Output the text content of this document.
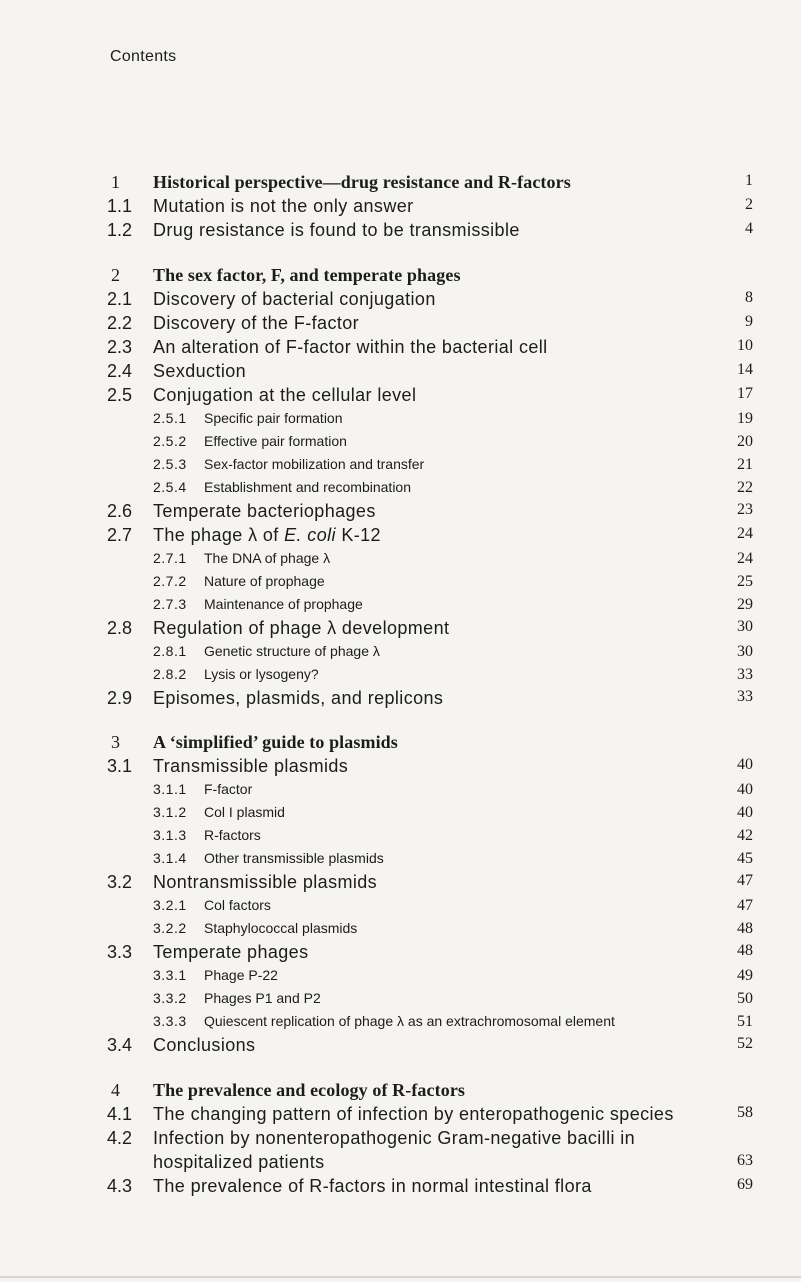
Contents
1 Historical perspective—drug resistance and R-factors	1
1.1 Mutation is not the only answer	2
1.2 Drug resistance is found to be transmissible	4
2 The sex factor, F, and temperate phages
2.1 Discovery of bacterial conjugation	8
2.2 Discovery of the F-factor	9
2.3 An alteration of F-factor within the bacterial cell	10
2.4 Sexduction	14
2.5 Conjugation at the cellular level	17
2.5.1 Specific pair formation	19
2.5.2 Effective pair formation	20
2.5.3 Sex-factor mobilization and transfer	21
2.5.4 Establishment and recombination	22
2.6 Temperate bacteriophages	23
2.7 The phage λ of E. coli K-12	24
2.7.1 The DNA of phage λ	24
2.7.2 Nature of prophage	25
2.7.3 Maintenance of prophage	29
2.8 Regulation of phage λ development	30
2.8.1 Genetic structure of phage λ	30
2.8.2 Lysis or lysogeny?	33
2.9 Episomes, plasmids, and replicons	33
3 A ‘simplified’ guide to plasmids
3.1 Transmissible plasmids	40
3.1.1 F-factor	40
3.1.2 Col I plasmid	40
3.1.3 R-factors	42
3.1.4 Other transmissible plasmids	45
3.2 Nontransmissible plasmids	47
3.2.1 Col factors	47
3.2.2 Staphylococcal plasmids	48
3.3 Temperate phages	48
3.3.1 Phage P-22	49
3.3.2 Phages P1 and P2	50
3.3.3 Quiescent replication of phage λ as an extrachromosomal element	51
3.4 Conclusions	52
4 The prevalence and ecology of R-factors
4.1 The changing pattern of infection by enteropathogenic species	58
4.2 Infection by nonenteropathogenic Gram-negative bacilli in
hospitalized patients	63
4.3 The prevalence of R-factors in normal intestinal flora	69
